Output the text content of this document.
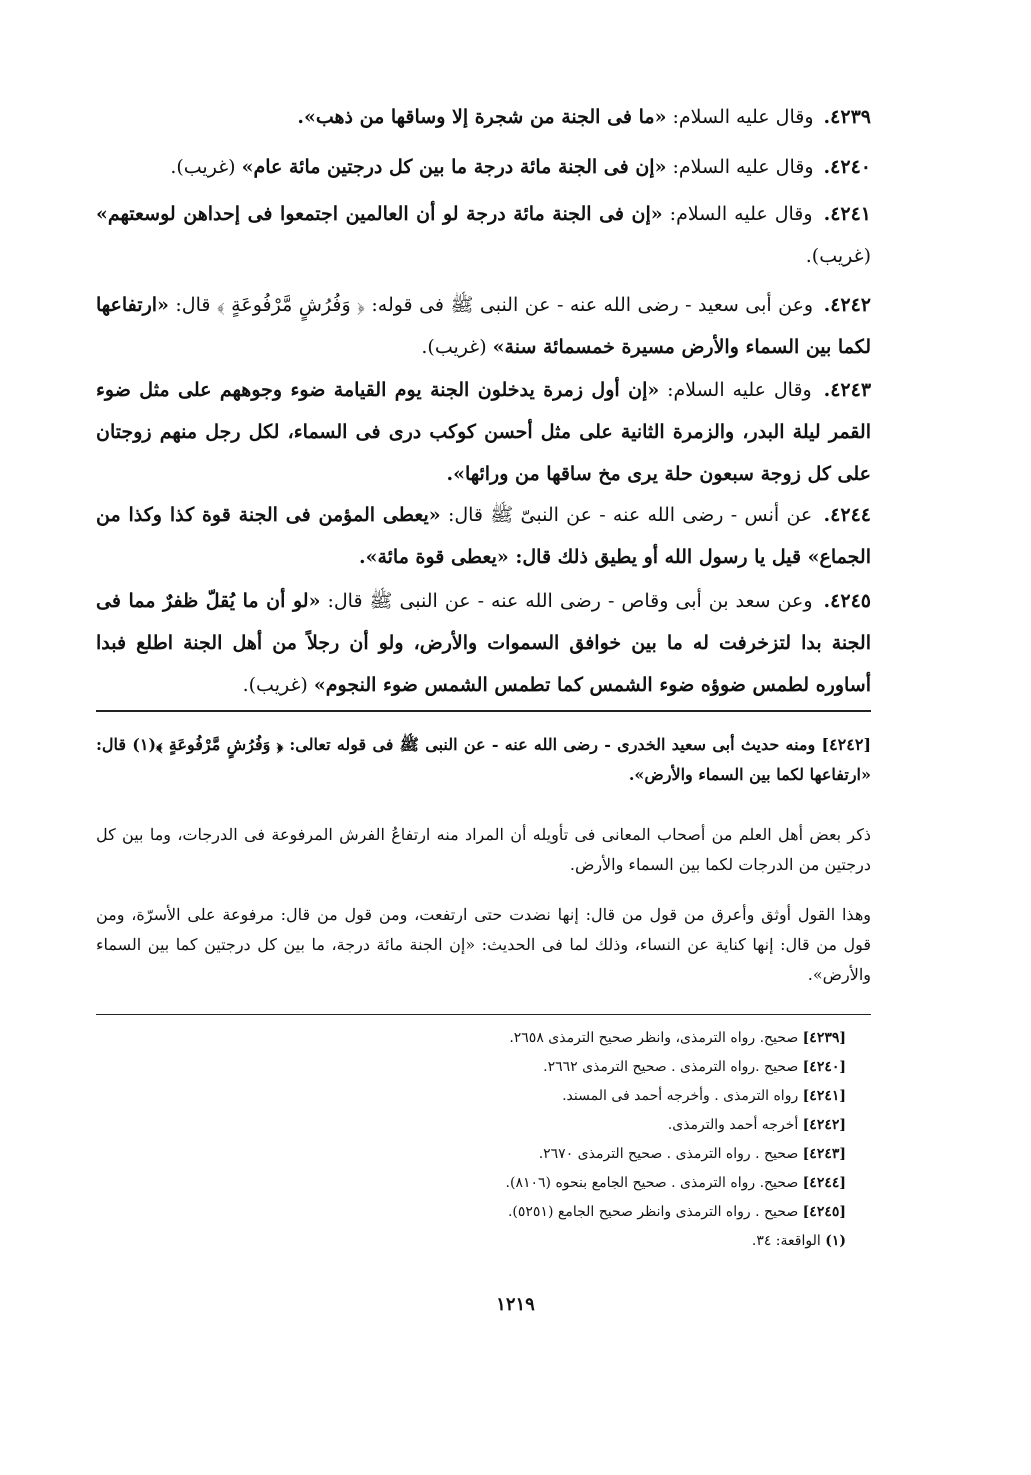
٤٢٣٩. وقال عليه السلام: «ما فى الجنة من شجرة إلا وساقها من ذهب».
٤٢٤٠. وقال عليه السلام: «إن فى الجنة مائة درجة ما بين كل درجتين مائة عام» (غريب).
٤٢٤١. وقال عليه السلام: «إن فى الجنة مائة درجة لو أن العالمين اجتمعوا فى إحداهن لوسعتهم» (غريب).
٤٢٤٢. وعن أبى سعيد - رضى الله عنه - عن النبى ﷺ فى قوله: ﴿ وَفُرُشٍ مَّرْفُوعَةٍ ﴾ قال: «ارتفاعها لكما بين السماء والأرض مسيرة خمسمائة سنة» (غريب).
٤٢٤٣. وقال عليه السلام: «إن أول زمرة يدخلون الجنة يوم القيامة ضوء وجوههم على مثل ضوء القمر ليلة البدر، والزمرة الثانية على مثل أحسن كوكب درى فى السماء، لكل رجل منهم زوجتان على كل زوجة سبعون حلة يرى مخ ساقها من ورائها».
٤٢٤٤. عن أنس - رضى الله عنه - عن النبىّ ﷺ قال: «يعطى المؤمن فى الجنة قوة كذا وكذا من الجماع» قيل يا رسول الله أو يطيق ذلك قال: «يعطى قوة مائة».
٤٢٤٥. وعن سعد بن أبى وقاص - رضى الله عنه - عن النبى ﷺ قال: «لو أن ما يُقلّ ظفرٌ مما فى الجنة بدا لتزخرفت له ما بين خوافق السموات والأرض، ولو أن رجلاً من أهل الجنة اطلع فبدا أساوره لطمس ضوؤه ضوء الشمس كما تطمس الشمس ضوء النجوم» (غريب).
[٤٢٤٢] ومنه حديث أبى سعيد الخدرى - رضى الله عنه - عن النبى ﷺ فى قوله تعالى: ﴿ وَفُرُشٍ مَّرْفُوعَةٍ ﴾(١) قال: «ارتفاعها لكما بين السماء والأرض».
ذكر بعض أهل العلم من أصحاب المعانى فى تأويله أن المراد منه ارتفاعُ الفرش المرفوعة فى الدرجات، وما بين كل درجتين من الدرجات لكما بين السماء والأرض.
وهذا القول أوثق وأعرق من قول من قال: إنها نضدت حتى ارتفعت، ومن قول من قال: مرفوعة على الأسرّة، ومن قول من قال: إنها كناية عن النساء، وذلك لما فى الحديث: «إن الجنة مائة درجة، ما بين كل درجتين كما بين السماء والأرض».
[٤٢٣٩] صحيح. رواه الترمذى، وانظر صحيح الترمذى ٢٦٥٨.
[٤٢٤٠] صحيح .رواه الترمذى . صحيح الترمذى ٢٦٦٢.
[٤٢٤١] رواه الترمذى . وأخرجه أحمد فى المسند.
[٤٢٤٢] أخرجه أحمد والترمذى.
[٤٢٤٣] صحيح . رواه الترمذى . صحيح الترمذى ٢٦٧٠.
[٤٢٤٤] صحيح. رواه الترمذى . صحيح الجامع بنحوه (٨١٠٦).
[٤٢٤٥] صحيح . رواه الترمذى وانظر صحيح الجامع (٥٢٥١).
(١) الواقعة: ٣٤.
١٢١٩
